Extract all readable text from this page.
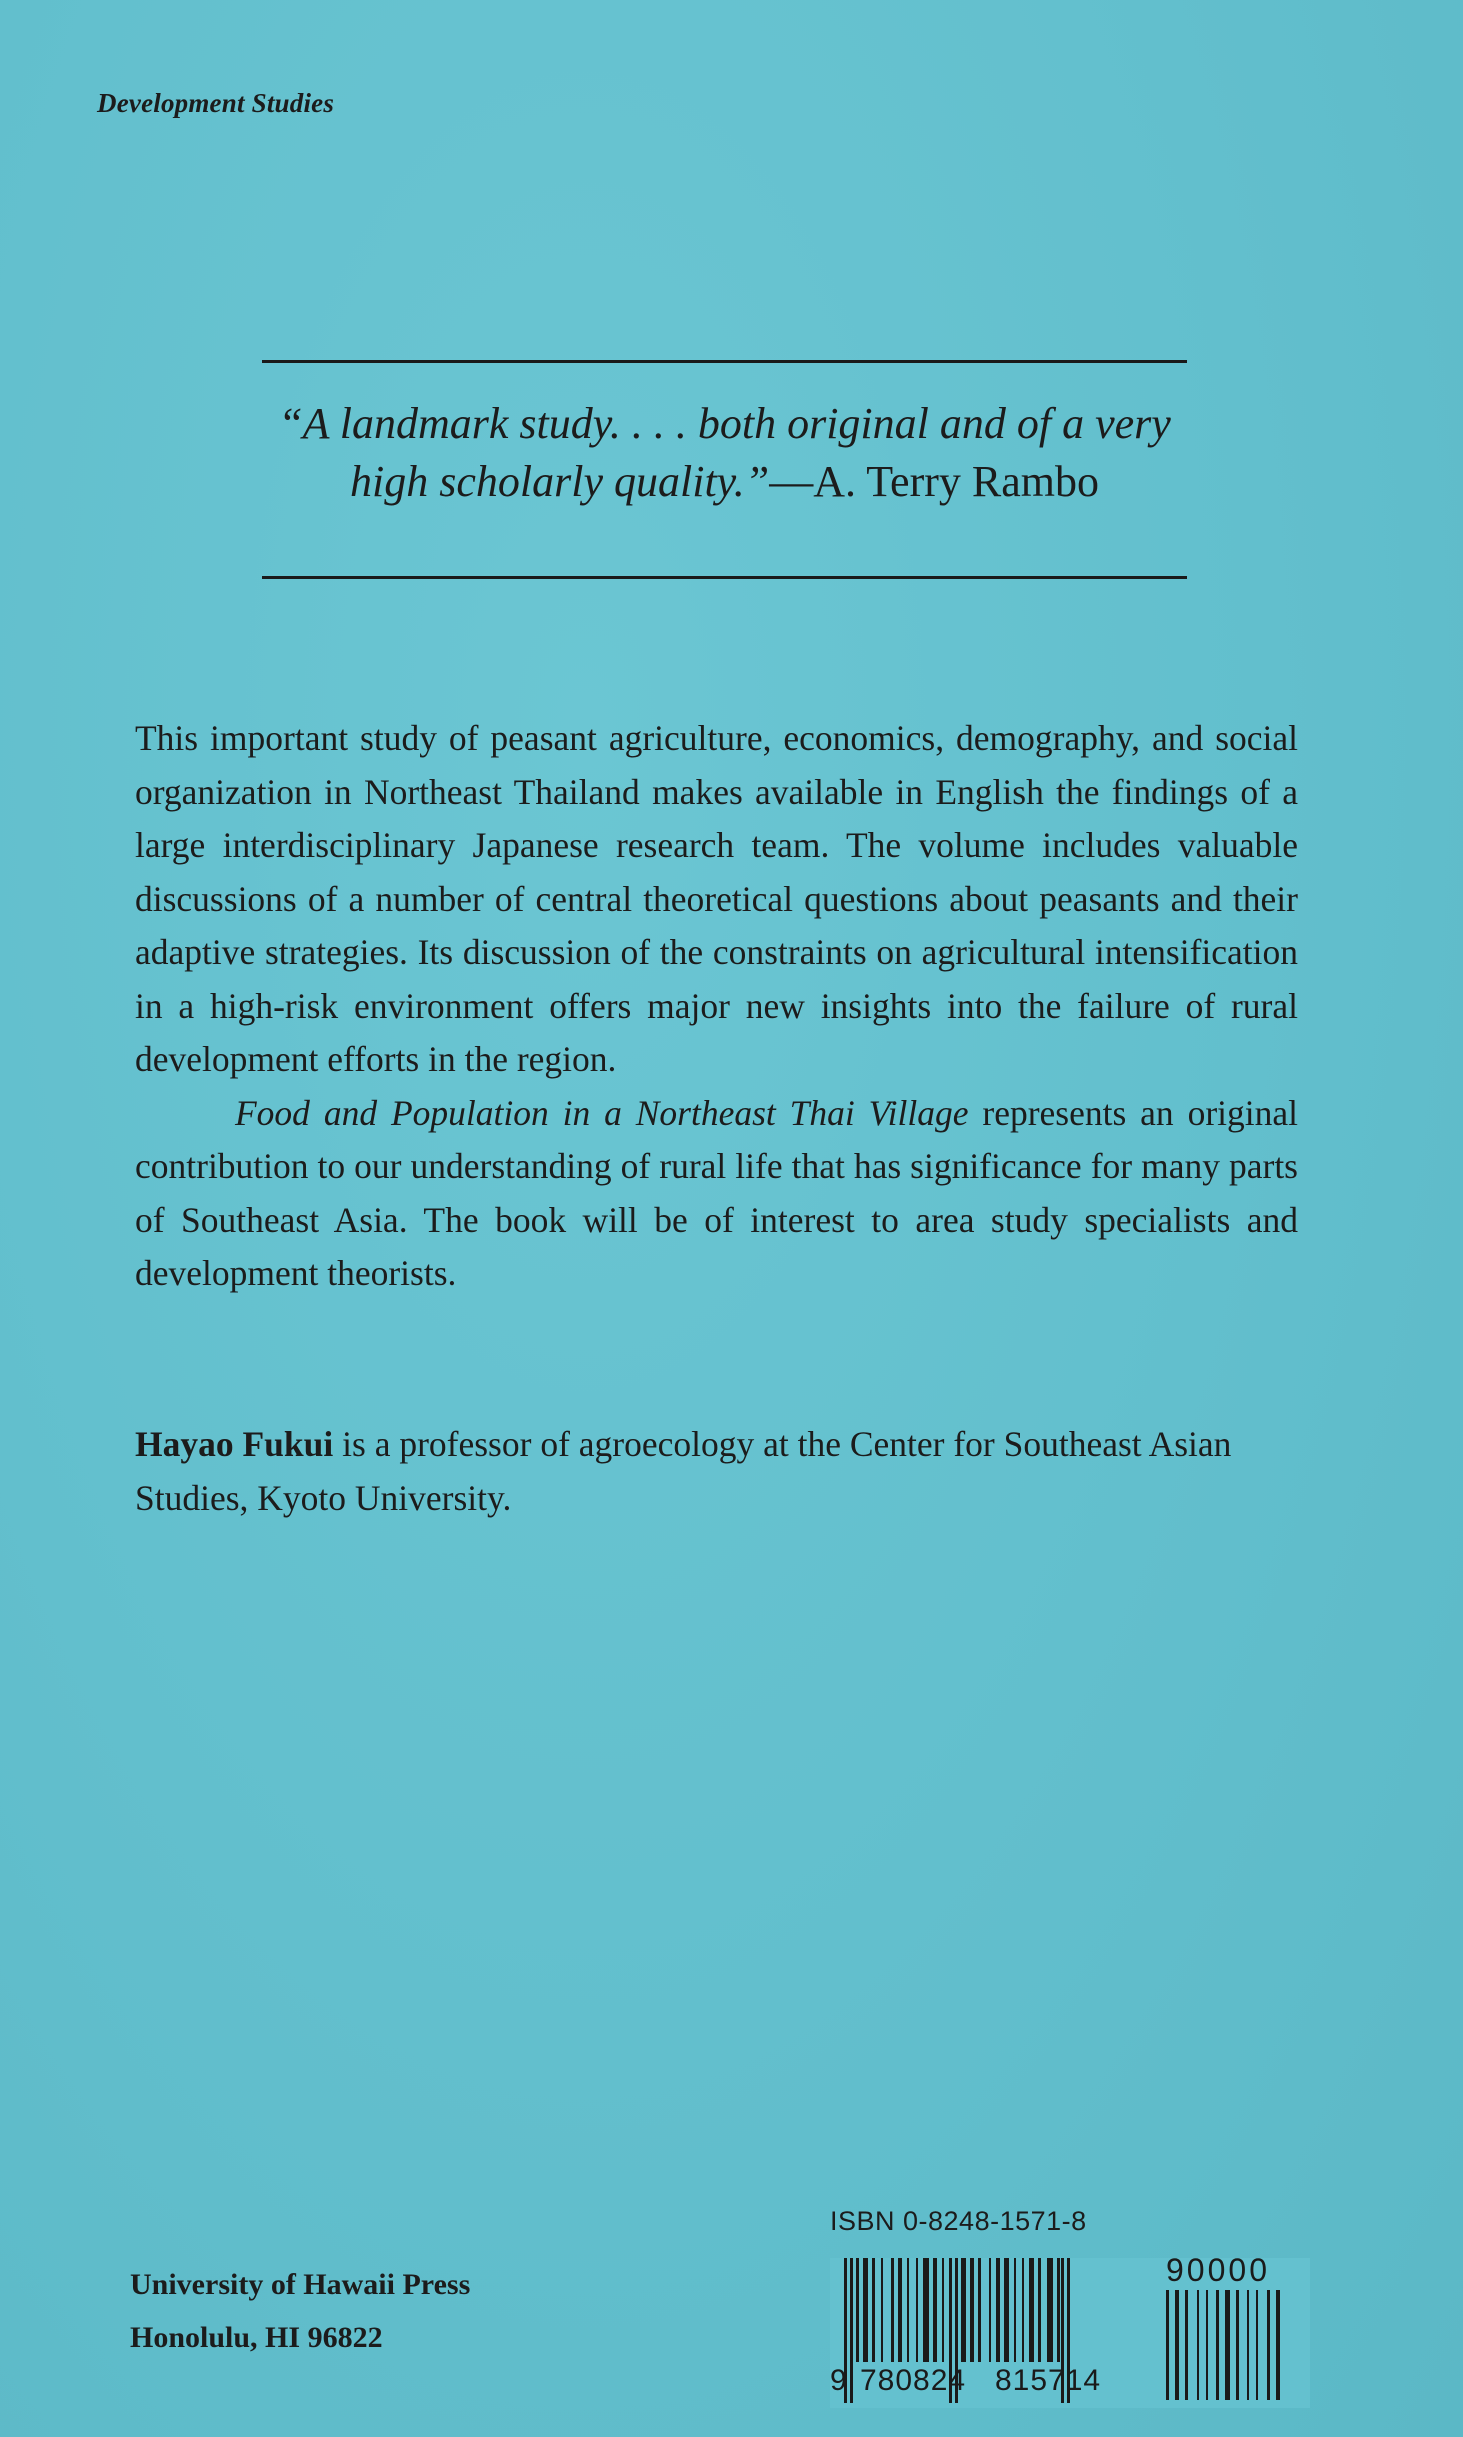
Development Studies
“A landmark study. . . . both original and of a very
high scholarly quality.”—A. Terry Rambo

This important study of peasant agriculture, economics, demography, and social organization in Northeast Thailand makes available in English the findings of a large interdisciplinary Japanese research team. The volume includes valuable discussions of a number of central theoretical questions about peasants and their adaptive strategies. Its discussion of the constraints on agricultural intensification in a high-risk environment offers major new insights into the failure of rural development efforts in the region.

Food and Population in a Northeast Thai Village represents an original contribution to our understanding of rural life that has significance for many parts of Southeast Asia. The book will be of interest to area study specialists and development theorists.

Hayao Fukui is a professor of agroecology at the Center for Southeast Asian Studies, Kyoto University.

University of Hawaii Press
Honolulu, HI 96822
ISBN 0-8248-1571-8
9 780824 815714
90000
